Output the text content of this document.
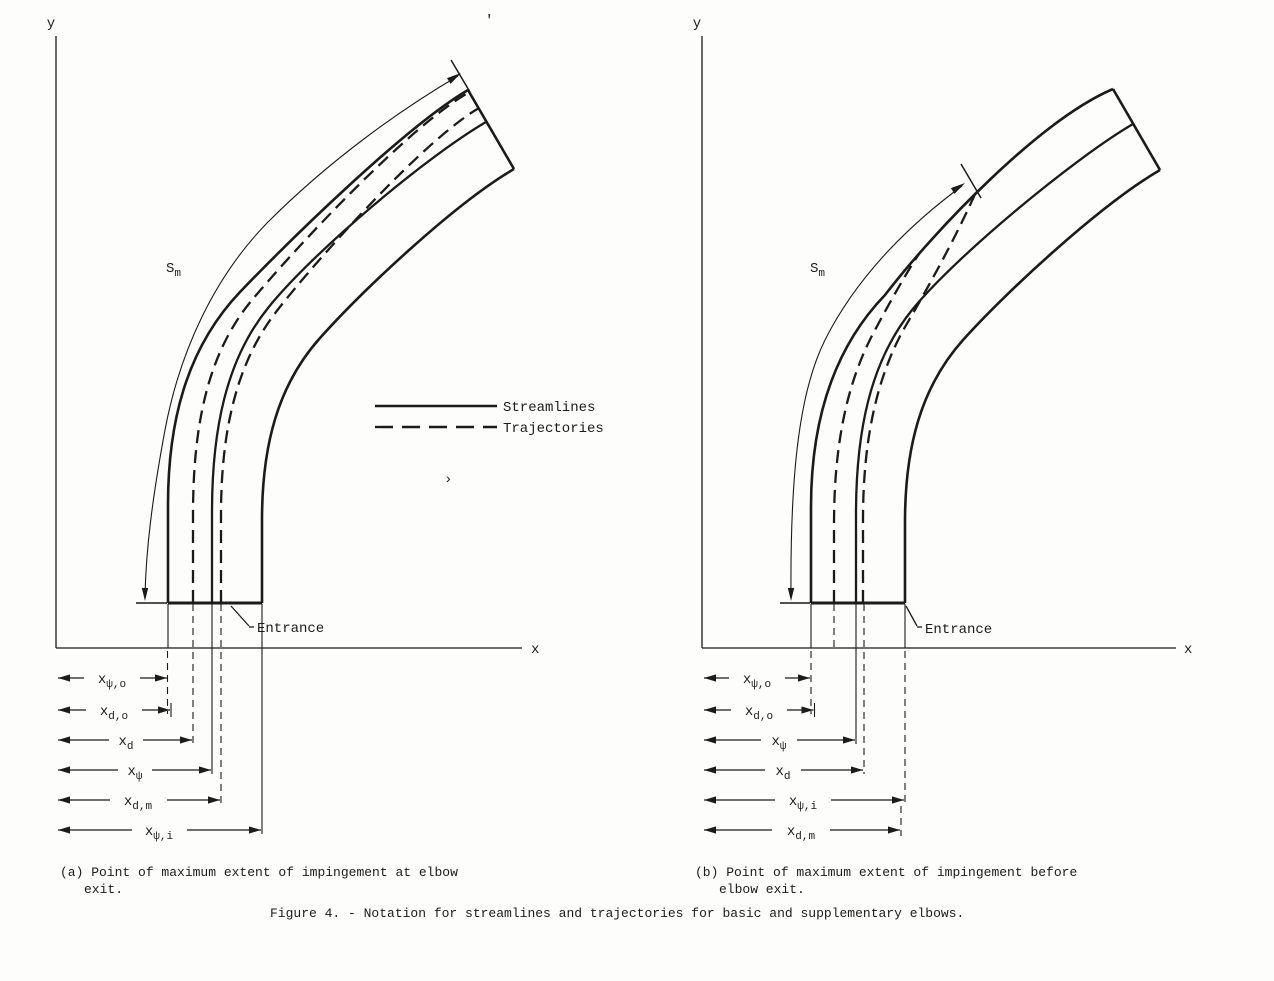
y
x
$S_m$
Entrance
$x_{\psi,o}$
$x_{d,o}$
$x_d$
$x_\psi$
$x_{d,m}$
$x_{\psi,i}$
Streamlines
Trajectories
›
'	y
x
$S_m$
Entrance
$x_{\psi,o}$
$x_{d,o}$
$x_\psi$
$x_d$
$x_{\psi,i}$
$x_{d,m}$
(a) Point of maximum extent of impingement at elbow
exit.
(b) Point of maximum extent of impingement before
elbow exit.
Figure 4. - Notation for streamlines and trajectories for basic and supplementary elbows.
